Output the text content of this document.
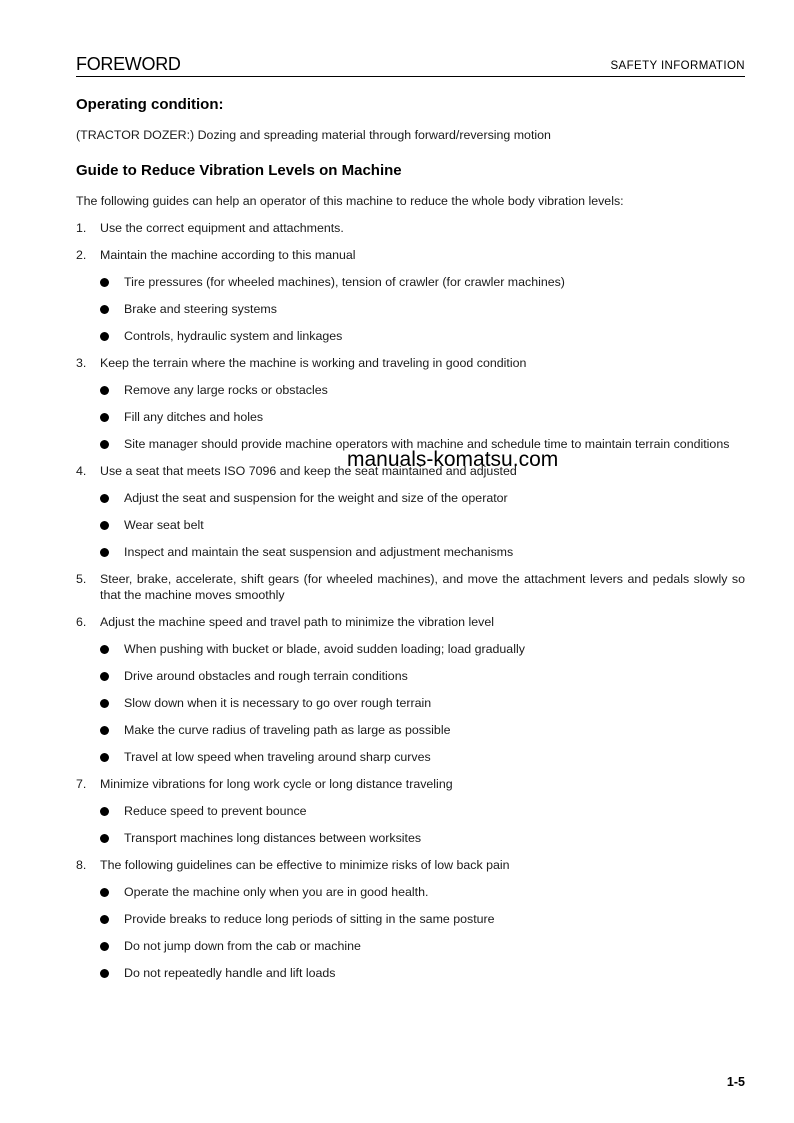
FOREWORD	SAFETY INFORMATION
Operating condition:

(TRACTOR DOZER:) Dozing and spreading material through forward/reversing motion

Guide to Reduce Vibration Levels on Machine

The following guides can help an operator of this machine to reduce the whole body vibration levels:

1. Use the correct equipment and attachments.
2. Maintain the machine according to this manual
Tire pressures (for wheeled machines), tension of crawler (for crawler machines)
Brake and steering systems
Controls, hydraulic system and linkages
3. Keep the terrain where the machine is working and traveling in good condition
Remove any large rocks or obstacles
Fill any ditches and holes
Site manager should provide machine operators with machine and schedule time to maintain terrain conditions
4. Use a seat that meets ISO 7096 and keep the seat maintained and adjusted
Adjust the seat and suspension for the weight and size of the operator
Wear seat belt
Inspect and maintain the seat suspension and adjustment mechanisms
5. Steer, brake, accelerate, shift gears (for wheeled machines), and move the attachment levers and pedals slowly so that the machine moves smoothly
6. Adjust the machine speed and travel path to minimize the vibration level
When pushing with bucket or blade, avoid sudden loading; load gradually
Drive around obstacles and rough terrain conditions
Slow down when it is necessary to go over rough terrain
Make the curve radius of traveling path as large as possible
Travel at low speed when traveling around sharp curves
7. Minimize vibrations for long work cycle or long distance traveling
Reduce speed to prevent bounce
Transport machines long distances between worksites
8. The following guidelines can be effective to minimize risks of low back pain
Operate the machine only when you are in good health.
Provide breaks to reduce long periods of sitting in the same posture
Do not jump down from the cab or machine
Do not repeatedly handle and lift loads
manuals-komatsu.com
1-5
